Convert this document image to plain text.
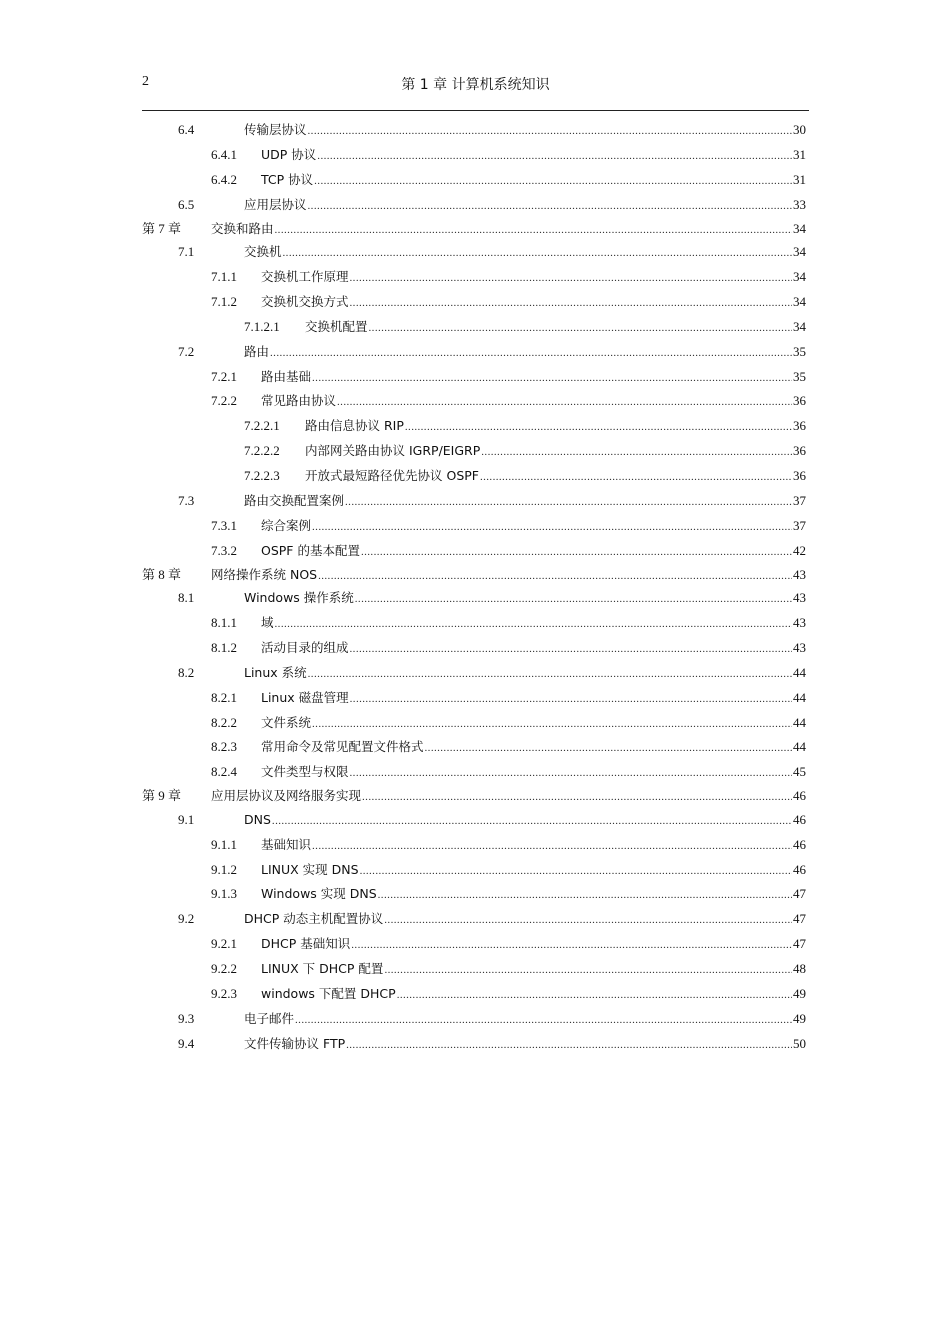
2	第 1 章 计算机系统知识
6.4	传输层协议 .....	30
6.4.1 UDP 协议 .....	31
6.4.2 TCP 协议 .....	31
6.5	应用层协议 .....	33
第 7 章 交换和路由 .....	34
7.1	交换机 .....	34
7.1.1 交换机工作原理 .....	34
7.1.2 交换机交换方式 .....	34
7.1.2.1 交换机配置 .....	34
7.2	路由 .....	35
7.2.1 路由基础 .....	35
7.2.2 常见路由协议 .....	36
7.2.2.1 路由信息协议 RIP .....	36
7.2.2.2 内部网关路由协议 IGRP/EIGRP .....	36
7.2.2.3 开放式最短路径优先协议 OSPF .....	36
7.3	路由交换配置案例 .....	37
7.3.1 综合案例 .....	37
7.3.2 OSPF 的基本配置 .....	42
第 8 章 网络操作系统 NOS .....	43
8.1	Windows 操作系统 .....	43
8.1.1 域 .....	43
8.1.2 活动目录的组成 .....	43
8.2	Linux 系统 .....	44
8.2.1 Linux 磁盘管理 .....	44
8.2.2 文件系统 .....	44
8.2.3 常用命令及常见配置文件格式 .....	44
8.2.4 文件类型与权限 .....	45
第 9 章 应用层协议及网络服务实现 .....	46
9.1	DNS .....	46
9.1.1 基础知识 .....	46
9.1.2 LINUX 实现 DNS .....	46
9.1.3 Windows 实现 DNS .....	47
9.2	DHCP 动态主机配置协议 .....	47
9.2.1 DHCP 基础知识 .....	47
9.2.2 LINUX 下 DHCP 配置 .....	48
9.2.3 windows 下配置 DHCP .....	49
9.3	电子邮件 .....	49
9.4	文件传输协议 FTP .....	50
